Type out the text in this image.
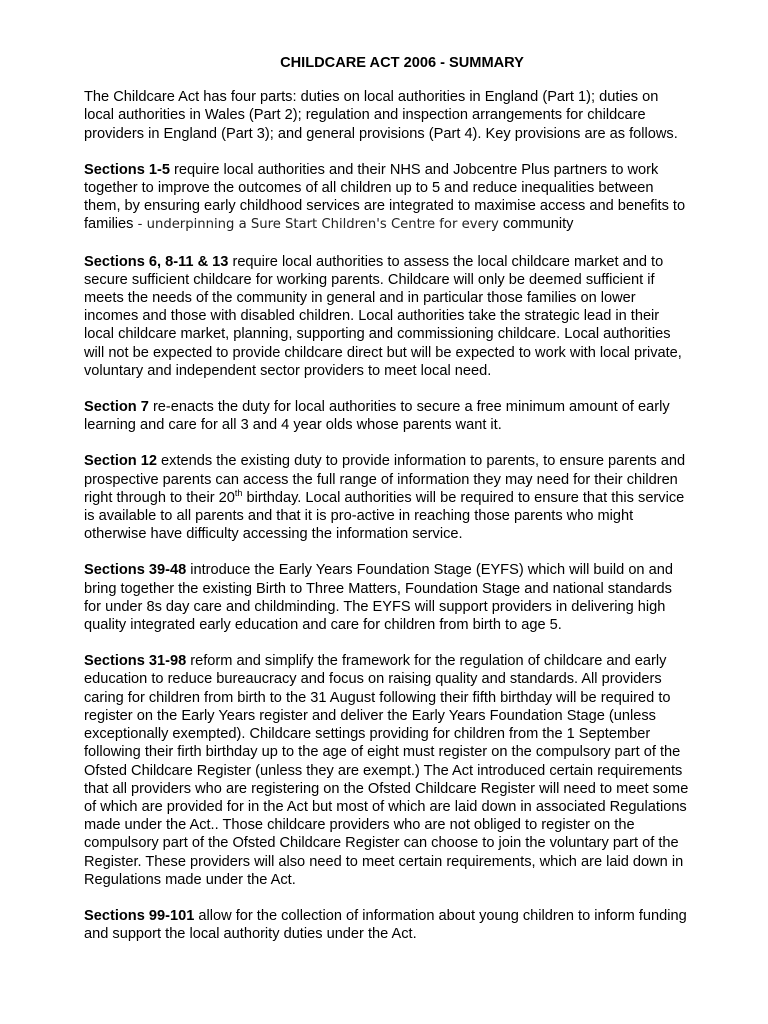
CHILDCARE ACT 2006 - SUMMARY

The Childcare Act has four parts: duties on local authorities in England (Part 1); duties on local authorities in Wales (Part 2); regulation and inspection arrangements for childcare providers in England (Part 3); and general provisions (Part 4). Key provisions are as follows.

Sections 1-5 require local authorities and their NHS and Jobcentre Plus partners to work together to improve the outcomes of all children up to 5 and reduce inequalities between them, by ensuring early childhood services are integrated to maximise access and benefits to families - underpinning a Sure Start Children's Centre for every community

Sections 6, 8-11 & 13 require local authorities to assess the local childcare market and to secure sufficient childcare for working parents. Childcare will only be deemed sufficient if meets the needs of the community in general and in particular those families on lower incomes and those with disabled children. Local authorities take the strategic lead in their local childcare market, planning, supporting and commissioning childcare. Local authorities will not be expected to provide childcare direct but will be expected to work with local private, voluntary and independent sector providers to meet local need.

Section 7 re-enacts the duty for local authorities to secure a free minimum amount of early learning and care for all 3 and 4 year olds whose parents want it.

Section 12 extends the existing duty to provide information to parents, to ensure parents and prospective parents can access the full range of information they may need for their children right through to their 20th birthday. Local authorities will be required to ensure that this service is available to all parents and that it is pro-active in reaching those parents who might otherwise have difficulty accessing the information service.

Sections 39-48 introduce the Early Years Foundation Stage (EYFS) which will build on and bring together the existing Birth to Three Matters, Foundation Stage and national standards for under 8s day care and childminding. The EYFS will support providers in delivering high quality integrated early education and care for children from birth to age 5.

Sections 31-98 reform and simplify the framework for the regulation of childcare and early education to reduce bureaucracy and focus on raising quality and standards. All providers caring for children from birth to the 31 August following their fifth birthday will be required to register on the Early Years register and deliver the Early Years Foundation Stage (unless exceptionally exempted). Childcare settings providing for children from the 1 September following their firth birthday up to the age of eight must register on the compulsory part of the Ofsted Childcare Register (unless they are exempt.) The Act introduced certain requirements that all providers who are registering on the Ofsted Childcare Register will need to meet some of which are provided for in the Act but most of which are laid down in associated Regulations made under the Act.. Those childcare providers who are not obliged to register on the compulsory part of the Ofsted Childcare Register can choose to join the voluntary part of the Register. These providers will also need to meet certain requirements, which are laid down in Regulations made under the Act.

Sections 99-101 allow for the collection of information about young children to inform funding and support the local authority duties under the Act.
